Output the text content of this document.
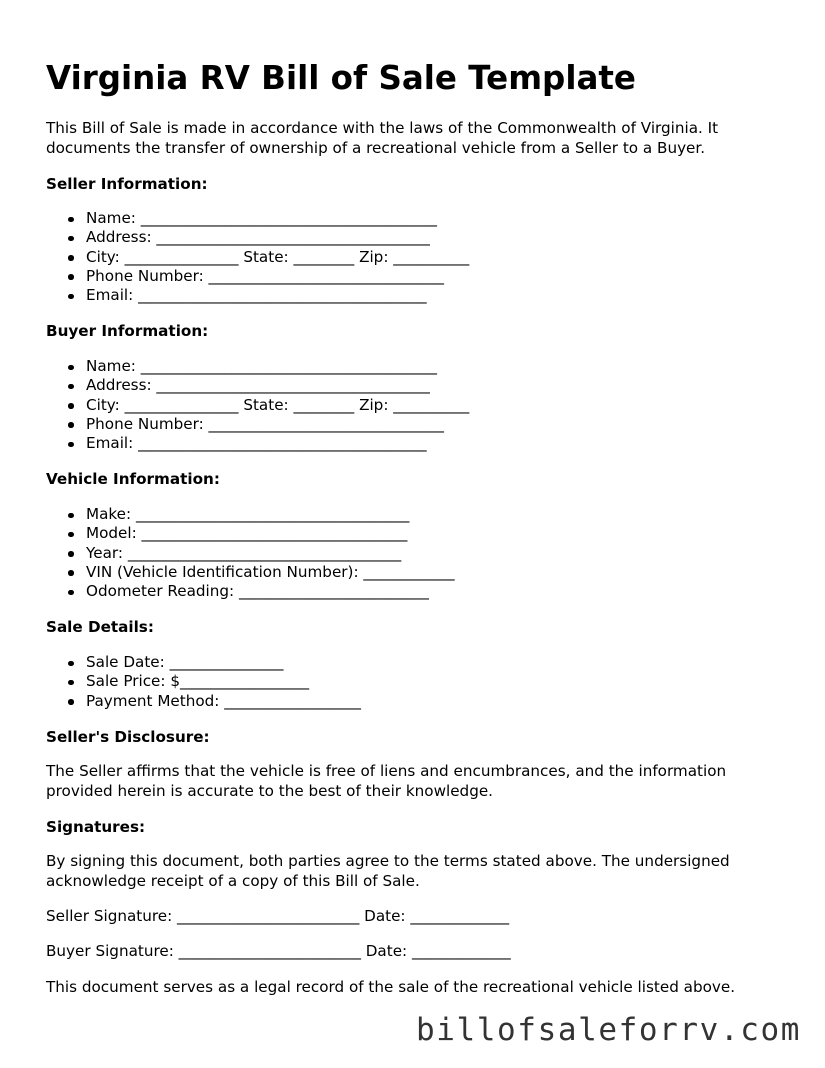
Virginia RV Bill of Sale Template

This Bill of Sale is made in accordance with the laws of the Commonwealth of Virginia. It documents the transfer of ownership of a recreational vehicle from a Seller to a Buyer.

Seller Information:
Name: _______________________________________
Address: ____________________________________
City: _______________ State: ________ Zip: __________
Phone Number: _______________________________
Email: ______________________________________
Buyer Information:
Name: _______________________________________
Address: ____________________________________
City: _______________ State: ________ Zip: __________
Phone Number: _______________________________
Email: ______________________________________
Vehicle Information:
Make: ____________________________________
Model: ___________________________________
Year: ____________________________________
VIN (Vehicle Identification Number): ____________
Odometer Reading: _________________________
Sale Details:
Sale Date: _______________
Sale Price: $_________________
Payment Method: __________________
Seller's Disclosure:

The Seller affirms that the vehicle is free of liens and encumbrances, and the information provided herein is accurate to the best of their knowledge.

Signatures:

By signing this document, both parties agree to the terms stated above. The undersigned acknowledge receipt of a copy of this Bill of Sale.

Seller Signature: ________________________ Date: _____________

Buyer Signature: ________________________ Date: _____________

This document serves as a legal record of the sale of the recreational vehicle listed above.

billofsaleforrv.com
